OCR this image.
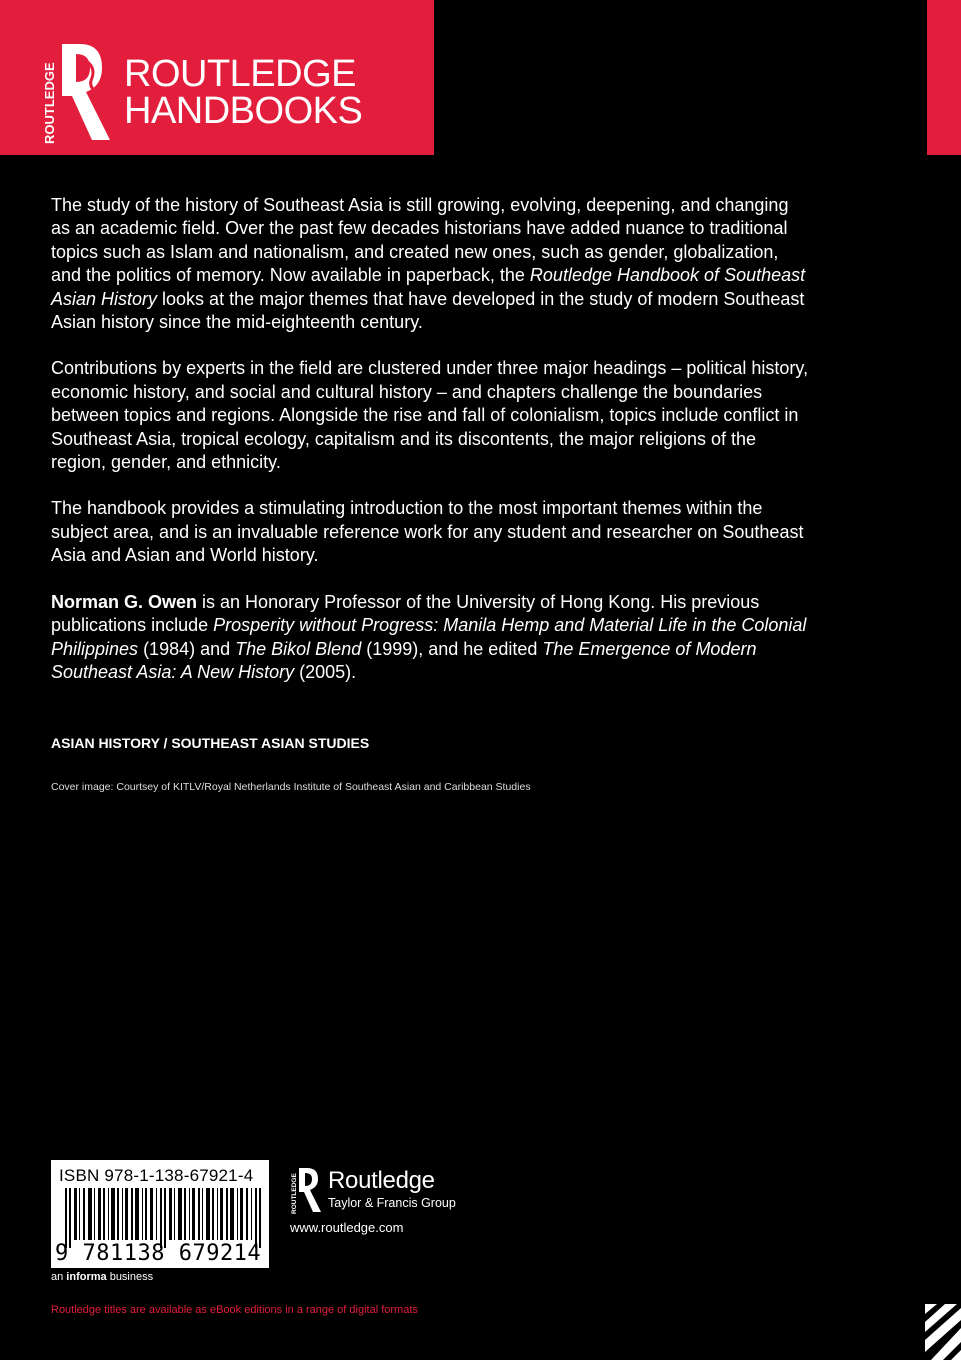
ROUTLEDGE ROUTLEDGE
HANDBOOKS

The study of the history of Southeast Asia is still growing, evolving, deepening, and changing as an academic field. Over the past few decades historians have added nuance to traditional topics such as Islam and nationalism, and created new ones, such as gender, globalization, and the politics of memory. Now available in paperback, the Routledge Handbook of Southeast Asian History looks at the major themes that have developed in the study of modern Southeast Asian history since the mid-eighteenth century.

Contributions by experts in the field are clustered under three major headings – political history, economic history, and social and cultural history – and chapters challenge the boundaries between topics and regions. Alongside the rise and fall of colonialism, topics include conflict in Southeast Asia, tropical ecology, capitalism and its discontents, the major religions of the region, gender, and ethnicity.

The handbook provides a stimulating introduction to the most important themes within the subject area, and is an invaluable reference work for any student and researcher on Southeast Asia and Asian and World history.

Norman G. Owen is an Honorary Professor of the University of Hong Kong. His previous publications include Prosperity without Progress: Manila Hemp and Material Life in the Colonial Philippines (1984) and The Bikol Blend (1999), and he edited The Emergence of Modern Southeast Asia: A New History (2005).

ASIAN HISTORY / SOUTHEAST ASIAN STUDIES
Cover image: Courtsey of KITLV/Royal Netherlands Institute of Southeast Asian and Caribbean Studies
ISBN 978-1-138-67921-4
9 781138 679214
an informa business
ROUTLEDGE Routledge
Taylor & Francis Group
www.routledge.com
Routledge titles are available as eBook editions in a range of digital formats
